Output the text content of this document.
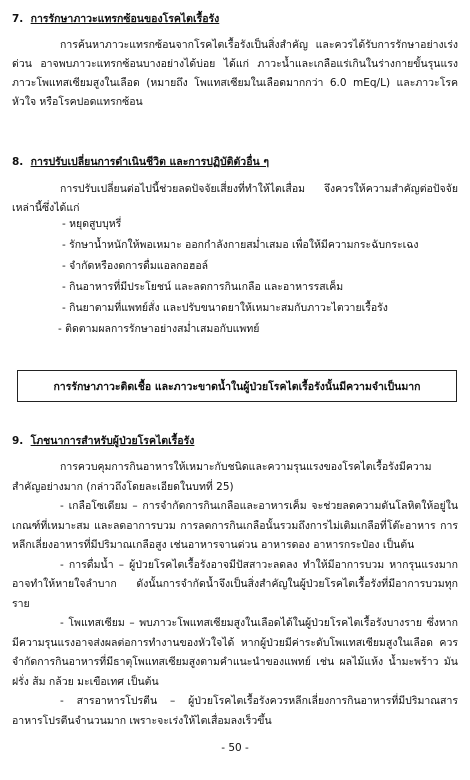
7. การรักษาภาวะแทรกซ้อนของโรคไตเรื้อรัง
การค้นหาภาวะแทรกซ้อนจากโรคไตเรื้อรังเป็นสิ่งสำคัญ และควรได้รับการรักษาอย่างเร่งด่วน อาจพบภาวะแทรกซ้อนบางอย่างได้บ่อย ได้แก่ ภาวะน้ำและเกลือแร่เกินในร่างกายขั้นรุนแรง ภาวะโพแทสเซียมสูงในเลือด (หมายถึง โพแทสเซียมในเลือดมากกว่า 6.0 mEq/L) และภาวะโรคหัวใจ หรือโรคปอดแทรกซ้อน
8. การปรับเปลี่ยนการดำเนินชีวิต และการปฏิบัติตัวอื่น ๆ
การปรับเปลี่ยนต่อไปนี้ช่วยลดปัจจัยเสี่ยงที่ทำให้ไตเสื่อม จึงควรให้ความสำคัญต่อปัจจัยเหล่านี้ซึ่งได้แก่
- หยุดสูบบุหรี่
- รักษาน้ำหนักให้พอเหมาะ ออกกำลังกายสม่ำเสมอ เพื่อให้มีความกระฉับกระเฉง
- จำกัดหรืองดการดื่มแอลกอฮอล์
- กินอาหารที่มีประโยชน์ และลดการกินเกลือ และอาหารรสเค็ม
- กินยาตามที่แพทย์สั่ง และปรับขนาดยาให้เหมาะสมกับภาวะไตวายเรื้อรัง
- ติดตามผลการรักษาอย่างสม่ำเสมอกับแพทย์
การรักษาภาวะติดเชื้อ และภาวะขาดน้ำในผู้ป่วยโรคไตเรื้อรังนั้นมีความจำเป็นมาก
9. โภชนาการสำหรับผู้ป่วยโรคไตเรื้อรัง

การควบคุมการกินอาหารให้เหมาะกับชนิดและความรุนแรงของโรคไตเรื้อรังมีความสำคัญอย่างมาก (กล่าวถึงโดยละเอียดในบทที่ 25)

- เกลือโซเดียม – การจำกัดการกินเกลือและอาหารเค็ม จะช่วยลดความดันโลหิตให้อยู่ในเกณฑ์ที่เหมาะสม และลดอาการบวม การลดการกินเกลือนั้นรวมถึงการไม่เติมเกลือที่โต๊ะอาหาร การหลีกเลี่ยงอาหารที่มีปริมาณเกลือสูง เช่นอาหารจานด่วน อาหารดอง อาหารกระป๋อง เป็นต้น

- การดื่มน้ำ – ผู้ป่วยโรคไตเรื้อรังอาจมีปัสสาวะลดลง ทำให้มีอาการบวม หากรุนแรงมากอาจทำให้หายใจลำบาก ดังนั้นการจำกัดน้ำจึงเป็นสิ่งสำคัญในผู้ป่วยโรคไตเรื้อรังที่มีอาการบวมทุกราย

- โพแทสเซียม – พบภาวะโพแทสเซียมสูงในเลือดได้ในผู้ป่วยโรคไตเรื้อรังบางราย ซึ่งหากมีความรุนแรงอาจส่งผลต่อการทำงานของหัวใจได้ หากผู้ป่วยมีค่าระดับโพแทสเซียมสูงในเลือด ควรจำกัดการกินอาหารที่มีธาตุโพแทสเซียมสูงตามคำแนะนำของแพทย์ เช่น ผลไม้แห้ง น้ำมะพร้าว มันฝรั่ง ส้ม กล้วย มะเขือเทศ เป็นต้น

- สารอาหารโปรตีน – ผู้ป่วยโรคไตเรื้อรังควรหลีกเลี่ยงการกินอาหารที่มีปริมาณสารอาหารโปรตีนจำนวนมาก เพราะจะเร่งให้ไตเสื่อมลงเร็วขึ้น

- 50 -
